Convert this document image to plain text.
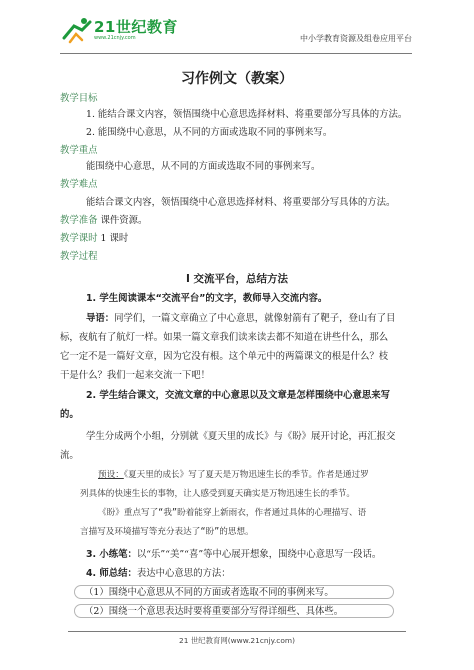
21世纪教育
www.21cnjy.com	中小学教育资源及组卷应用平台
习作例文（教案）
教学目标
1. 能结合课文内容，领悟围绕中心意思选择材料、将重要部分写具体的方法。
2. 能围绕中心意思，从不同的方面或选取不同的事例来写。
教学重点
能围绕中心意思，从不同的方面或选取不同的事例来写。
教学难点
能结合课文内容，领悟围绕中心意思选择材料、将重要部分写具体的方法。
教学准备 课件资源。
教学课时 1 课时
教学过程
Ⅰ 交流平台，总结方法
1. 学生阅读课本“交流平台”的文字，教师导入交流内容。
导语：同学们，一篇文章确立了中心意思，就像射箭有了靶子，登山有了目
标，夜航有了航灯一样。如果一篇文章我们读来读去都不知道在讲些什么，那么
它一定不是一篇好文章，因为它没有根。这个单元中的两篇课文的根是什么？枝
干是什么？我们一起来交流一下吧！
2. 学生结合课文，交流文章的中心意思以及文章是怎样围绕中心意思来写
的。
学生分成两个小组，分别就《夏天里的成长》与《盼》展开讨论，再汇报交
流。
预设：《夏天里的成长》写了夏天是万物迅速生长的季节。作者是通过罗
列具体的快速生长的事物，让人感受到夏天确实是万物迅速生长的季节。
《盼》重点写了“我”盼着能穿上新雨衣，作者通过具体的心理描写、语
言描写及环境描写等充分表达了“盼”的思想。
3. 小练笔：以“乐”“美”“喜”等中心展开想象，围绕中心意思写一段话。
4. 师总结：表达中心意思的方法：
（1）围绕中心意思从不同的方面或者选取不同的事例来写。
（2）围绕一个意思表达时要将重要部分写得详细些、具体些。
21 世纪教育网(www.21cnjy.com)
